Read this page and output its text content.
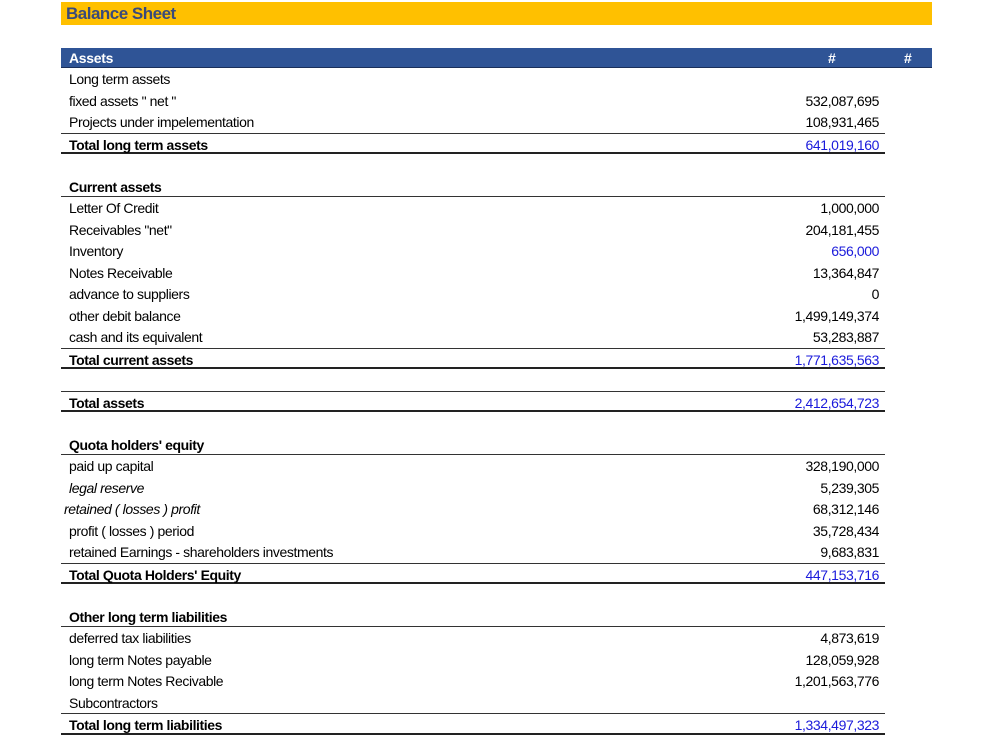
Balance Sheet
Assets	#	#
Long term assets
fixed assets " net "	532,087,695
Projects under impelementation	108,931,465
Total long term assets	641,019,160
Current assets
Letter Of Credit	1,000,000
Receivables "net"	204,181,455
Inventory	656,000
Notes Receivable	13,364,847
advance to suppliers	0
other debit balance	1,499,149,374
cash and its equivalent	53,283,887
Total current assets	1,771,635,563
Total assets	2,412,654,723
Quota holders' equity
paid up capital	328,190,000
legal reserve	5,239,305
retained ( losses ) profit	68,312,146
profit ( losses ) period	35,728,434
retained Earnings - shareholders investments	9,683,831
Total Quota Holders' Equity	447,153,716
Other long term liabilities
deferred tax liabilities	4,873,619
long term Notes payable	128,059,928
long term Notes Recivable	1,201,563,776
Subcontractors
Total long term liabilities	1,334,497,323
